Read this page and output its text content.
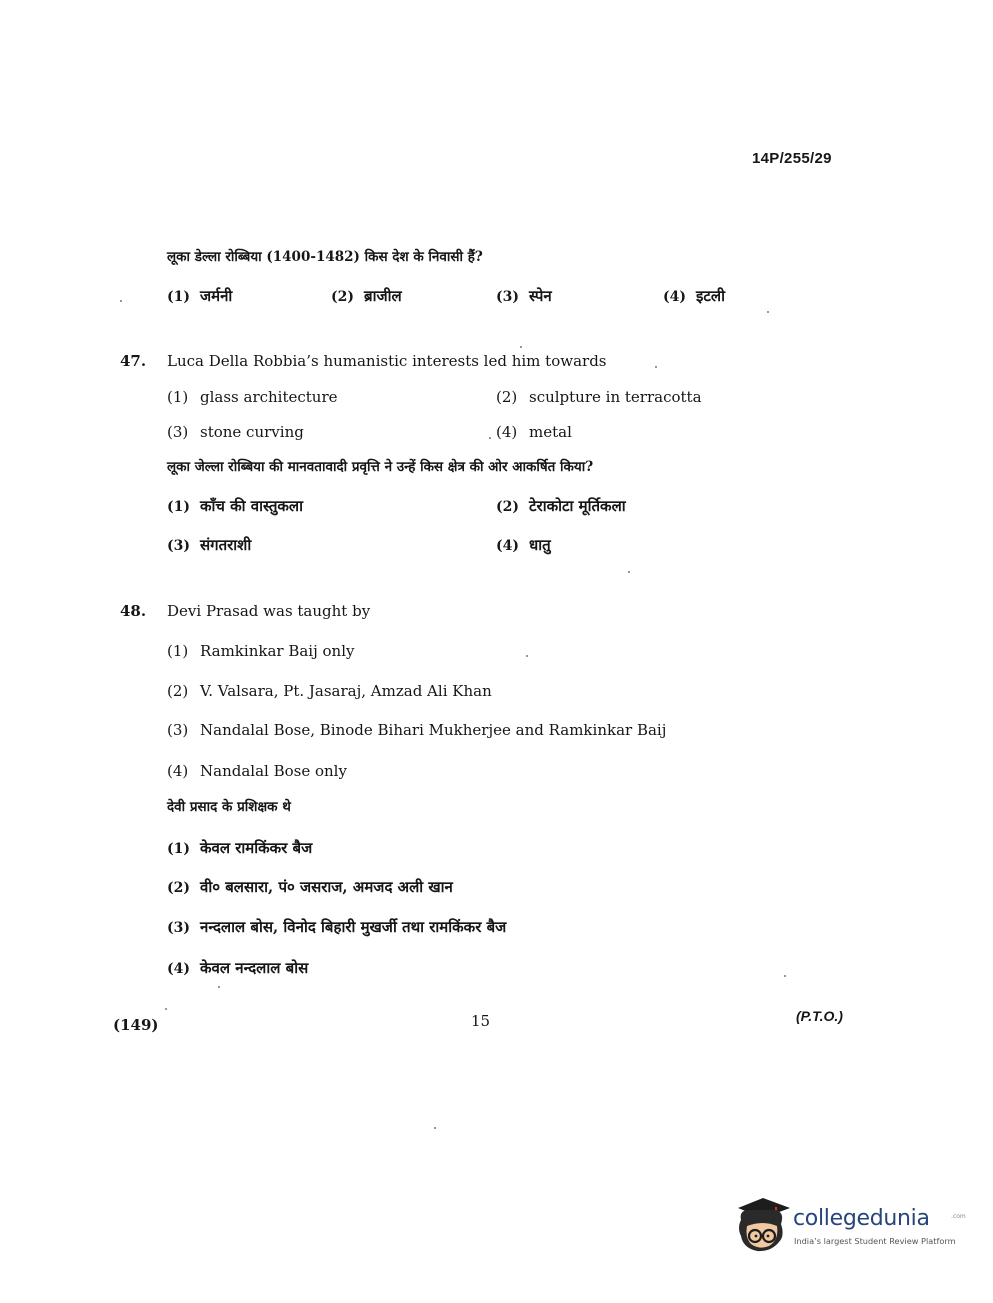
14P/255/29
लूका डेल्ला रोब्बिया (1400-1482) किस देश के निवासी हैं?
(1) जर्मनी	(2) ब्राजील	(3) स्पेन	(4) इटली
47. Luca Della Robbia’s humanistic interests led him towards
(1) glass architecture	(2) sculpture in terracotta
(3) stone curving	(4) metal
लूका जेल्ला रोब्बिया की मानवतावादी प्रवृत्ति ने उन्हें किस क्षेत्र की ओर आकर्षित किया?
(1) काँच की वास्तुकला	(2) टेराकोटा मूर्तिकला
(3) संगतराशी	(4) धातु
48. Devi Prasad was taught by
(1) Ramkinkar Baij only
(2) V. Valsara, Pt. Jasaraj, Amzad Ali Khan
(3) Nandalal Bose, Binode Bihari Mukherjee and Ramkinkar Baij
(4) Nandalal Bose only
देवी प्रसाद के प्रशिक्षक थे
(1) केवल रामकिंकर बैज
(2) वी० बलसारा, पं० जसराज, अमजद अली खान
(3) नन्दलाल बोस, विनोद बिहारी मुखर्जी तथा रामकिंकर बैज
(4) केवल नन्दलाल बोस
(149)	15	(P.T.O.)
collegedunia	.com
India’s largest Student Review Platform
